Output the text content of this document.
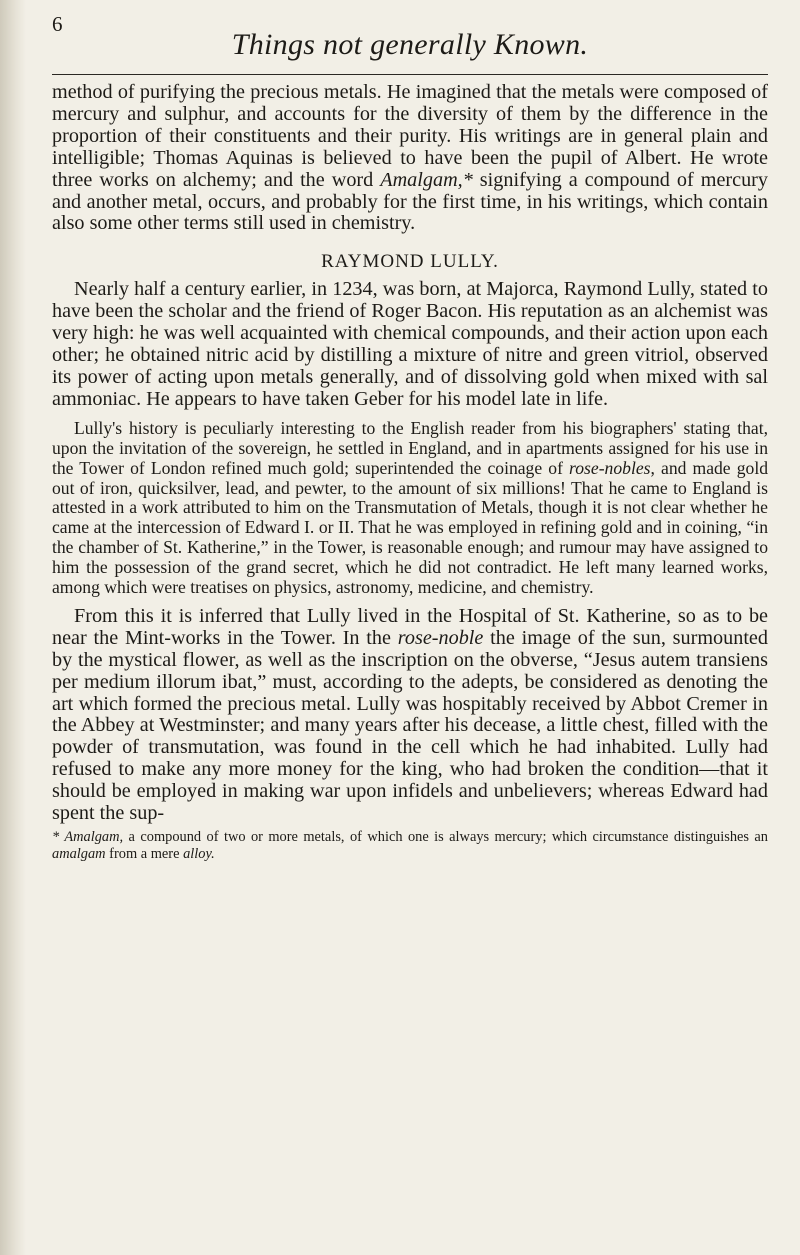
6
Things not generally Known.

method of purifying the precious metals. He imagined that the metals were composed of mercury and sulphur, and accounts for the diversity of them by the difference in the proportion of their constituents and their purity. His writings are in general plain and intelligible; Thomas Aquinas is believed to have been the pupil of Albert. He wrote three works on alchemy; and the word Amalgam,* signifying a compound of mercury and another metal, occurs, and probably for the first time, in his writings, which contain also some other terms still used in chemistry.

RAYMOND LULLY.

Nearly half a century earlier, in 1234, was born, at Majorca, Raymond Lully, stated to have been the scholar and the friend of Roger Bacon. His reputation as an alchemist was very high: he was well acquainted with chemical compounds, and their action upon each other; he obtained nitric acid by distilling a mixture of nitre and green vitriol, observed its power of acting upon metals generally, and of dissolving gold when mixed with sal ammoniac. He appears to have taken Geber for his model late in life.

Lully's history is peculiarly interesting to the English reader from his biographers' stating that, upon the invitation of the sovereign, he settled in England, and in apartments assigned for his use in the Tower of London refined much gold; superintended the coinage of rose-nobles, and made gold out of iron, quicksilver, lead, and pewter, to the amount of six millions! That he came to England is attested in a work attributed to him on the Transmutation of Metals, though it is not clear whether he came at the intercession of Edward I. or II. That he was employed in refining gold and in coining, “in the chamber of St. Katherine,” in the Tower, is reasonable enough; and rumour may have assigned to him the possession of the grand secret, which he did not contradict. He left many learned works, among which were treatises on physics, astronomy, medicine, and chemistry.

From this it is inferred that Lully lived in the Hospital of St. Katherine, so as to be near the Mint-works in the Tower. In the rose-noble the image of the sun, surmounted by the mystical flower, as well as the inscription on the obverse, “Jesus autem transiens per medium illorum ibat,” must, according to the adepts, be considered as denoting the art which formed the precious metal. Lully was hospitably received by Abbot Cremer in the Abbey at Westminster; and many years after his decease, a little chest, filled with the powder of transmutation, was found in the cell which he had inhabited. Lully had refused to make any more money for the king, who had broken the condition—that it should be employed in making war upon infidels and unbelievers; whereas Edward had spent the sup-

* Amalgam, a compound of two or more metals, of which one is always mercury; which circumstance distinguishes an amalgam from a mere alloy.
